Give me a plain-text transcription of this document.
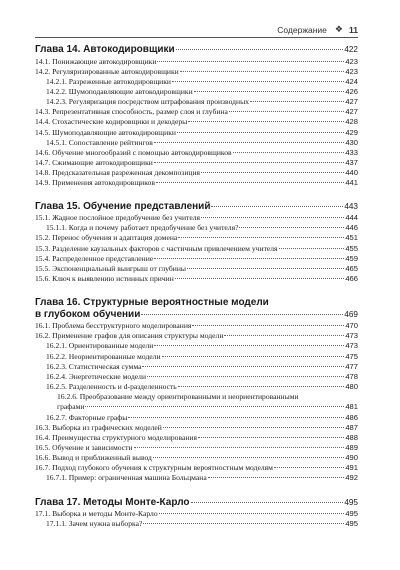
Содержание ❖ 11
Глава 14. Автокодировщики	422
14.1. Понижающие автокодировщики	423
14.2. Регуляризированные автокодировщики	423
14.2.1. Разреженные автокодировщики	424
14.2.2. Шумоподавляющие автокодировщики	426
14.2.3. Регуляризация посредством штрафования производных	427
14.3. Репрезентативная способность, размер слоя и глубина	427
14.4. Стохастические кодировщики и декодеры	428
14.5. Шумоподавляющие автокодировщики	429
14.5.1. Сопоставление рейтингов	430
14.6. Обучение многообразий с помощью автокодировщиков	433
14.7. Сжимающие автокодировщики	437
14.8. Предсказательная разреженная декомпозиция	440
14.9. Применения автокодировщиков	441
Глава 15. Обучение представлений	443
15.1. Жадное послойное предобучение без учителя	444
15.1.1. Когда и почему работает предобучение без учителя?	446
15.2. Перенос обучения и адаптация домена	451
15.3. Разделение каузальных факторов с частичным привлечением учителя	455
15.4. Распределенное представление	459
15.5. Экспоненциальный выигрыш от глубины	465
15.6. Ключ к выявлению истинных причин	466
Глава 16. Структурные вероятностные модели
в глубоком обучении	469
16.1. Проблема бесструктурного моделирования	470
16.2. Применение графов для описания структуры модели	473
16.2.1. Ориентированные модели	473
16.2.2. Неориентированные модели	475
16.2.3. Статистическая сумма	477
16.2.4. Энергетические модели	478
16.2.5. Разделенность и d-разделенность	480
16.2.6. Преобразование между ориентированными и неориентированными
графами	481
16.2.7. Факторные графы	486
16.3. Выборка из графических моделей	487
16.4. Преимущества структурного моделирования	488
16.5. Обучение и зависимости	489
16.6. Вывод и приближенный вывод	490
16.7. Подход глубокого обучения к структурным вероятностным моделям	491
16.7.1. Пример: ограниченная машина Больцмана	492
Глава 17. Методы Монте-Карло	495
17.1. Выборка и методы Монте-Карло	495
17.1.1. Зачем нужна выборка?	495
